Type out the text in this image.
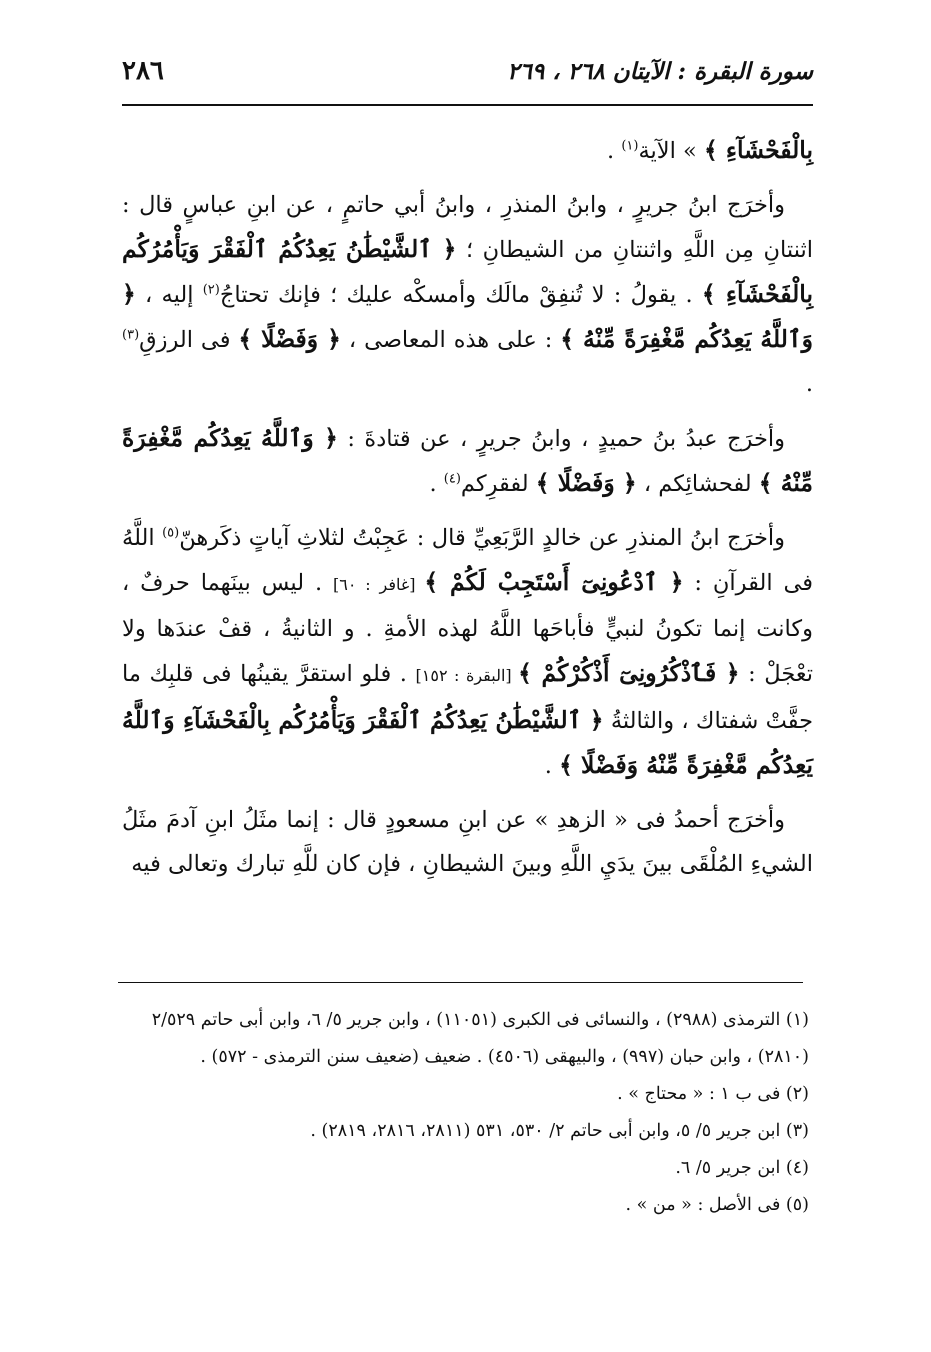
سورة البقرة : الآيتان ٢٦٨ ، ٢٦٩
٢٨٦

بِالْفَحْشَآءِ ﴾ » الآية$^{(١)}$ .

وأخرَج ابنُ جريرٍ ، وابنُ المنذرِ ، وابنُ أبي حاتمٍ ، عن ابنِ عباسٍ قال : اثنتانِ مِن اللَّهِ واثنتانِ من الشيطانِ ؛ ﴿ ٱلشَّيْطَٰنُ يَعِدُكُمُ ٱلْفَقْرَ وَيَأْمُرُكُم بِالْفَحْشَآءِ ﴾ . يقولُ : لا تُنفِقْ مالَك وأمسكْه عليك ؛ فإنك تحتاجُ$^{(٢)}$ إليه ، ﴿ وَٱللَّهُ يَعِدُكُم مَّغْفِرَةً مِّنْهُ ﴾ : على هذه المعاصى ، ﴿ وَفَضْلًا ﴾ فى الرزقِ$^{(٣)}$ .

وأخرَج عبدُ بنُ حميدٍ ، وابنُ جريرٍ ، عن قتادةَ : ﴿ وَٱللَّهُ يَعِدُكُم مَّغْفِرَةً مِّنْهُ ﴾ لفحشائِكم ، ﴿ وَفَضْلًا ﴾ لفقرِكم$^{(٤)}$ .

وأخرَج ابنُ المنذرِ عن خالدٍ الرَّبَعِيِّ قال : عَجِبْتُ لثلاثِ آياتٍ ذكَرهنّ$^{(٥)}$ اللَّهُ فى القرآنِ : ﴿ ٱدْعُونِىٓ أَسْتَجِبْ لَكُمْ ﴾ [غافر : ٦٠] . ليس بينَهما حرفٌ ، وكانت إنما تكونُ لنبيٍّ فأباحَها اللَّهُ لهذه الأمةِ . و الثانيةُ ، قفْ عندَها ولا تعْجَلْ : ﴿ فَٱذْكُرُونِىٓ أَذْكُرْكُمْ ﴾ [البقرة : ١٥٢] . فلو استقرَّ يقينُها فى قلبِك ما جفَّتْ شفتاك ، والثالثةُ ﴿ ٱلشَّيْطَٰنُ يَعِدُكُمُ ٱلْفَقْرَ وَيَأْمُرُكُم بِالْفَحْشَآءِ وَٱللَّهُ يَعِدُكُم مَّغْفِرَةً مِّنْهُ وَفَضْلًا ﴾ .

وأخرَج أحمدُ فى « الزهدِ » عن ابنِ مسعودٍ قال : إنما مثَلُ ابنِ آدمَ مثَلُ الشيءِ المُلْقَى بينَ يدَيِ اللَّهِ وبينَ الشيطانِ ، فإن كان للَّهِ تبارك وتعالى فيه

(١) الترمذى (٢٩٨٨) ، والنسائى فى الكبرى (١١٠٥١) ، وابن جرير ٥/ ٦، وابن أبى حاتم ٢/٥٢٩
(٢٨١٠) ، وابن حبان (٩٩٧) ، والبيهقى (٤٥٠٦) . ضعيف (ضعيف سنن الترمذى - ٥٧٢) .
(٢) فى ب ١ : « محتاج » .
(٣) ابن جرير ٥/ ٥، وابن أبى حاتم ٢/ ٥٣٠، ٥٣١ (٢٨١١، ٢٨١٦، ٢٨١٩) .
(٤) ابن جرير ٥/ ٦.
(٥) فى الأصل : « من » .
